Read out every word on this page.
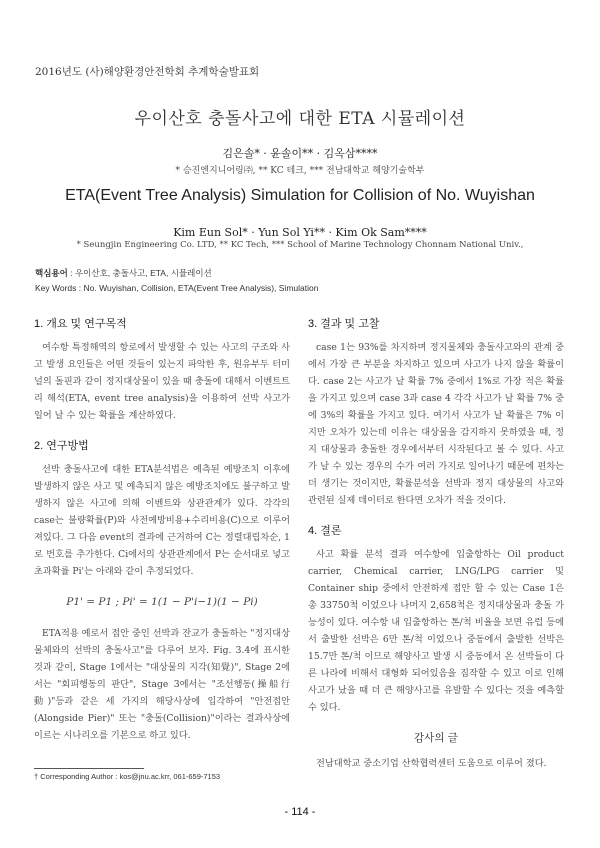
2016년도 (사)해양환경안전학회 추계학술발표회
우이산호 충돌사고에 대한 ETA 시뮬레이션
김은솔* · 윤솔이** · 김옥삼****
* 승진엔지니어링㈜, ** KC 테크, *** 전남대학교 해양기술학부
ETA(Event Tree Analysis) Simulation for Collision of No. Wuyishan
Kim Eun Sol* · Yun Sol Yi** · Kim Ok Sam****
* Seungjin Engineering Co. LTD, ** KC Tech, *** School of Marine Technology Chonnam National Univ.,
핵심용어 : 우이산호, 충돌사고, ETA, 시뮬레이션
Key Words : No. Wuyishan, Collision, ETA(Event Tree Analysis), Simulation
1. 개요 및 연구목적

여수항 특정해역의 항로에서 발생할 수 있는 사고의 구조와 사고 발생 요인들은 어떤 것들이 있는지 파악한 후, 원유부두 터미널의 돌핀과 같이 정지대상물이 있을 때 충돌에 대해서 이벤트트리 해석(ETA, event tree analysis)을 이용하여 선박 사고가 일어 날 수 있는 확률을 계산하였다.

2. 연구방법

선박 충돌사고에 대한 ETA분석법은 예측된 예방조치 이후에 발생하지 않은 사고 및 예측되지 않은 예방조치에도 불구하고 발생하지 않은 사고에 의해 이벤트와 상관관계가 있다. 각각의 case는 불량확률(P)와 사전예방비용+수리비용(C)으로 이루어져있다. 그 다음 event의 결과에 근거하여 C는 정렬대립차순, 1로 번호를 추가한다. Ci에서의 상관관계에서 P는 순서대로 넣고 초과확률 Pi'는 아래와 같이 추정되었다.

P1' = P1 ; Pi' = 1(1 − P'i−1)(1 − Pi)

ETA적용 예로서 접안 중인 선박과 잔교가 충돌하는 "정지대상물체와의 선박의 충돌사고"를 다루어 보자. Fig. 3.4에 표시한 것과 같이, Stage 1에서는 "대상물의 지각(知覺)", Stage 2에서는 "회피행동의 판단", Stage 3에서는 "조선행동(操船行動)"등과 같은 세 가지의 해당사상에 입각하여 "안전접안(Alongside Pier)" 또는 "충돌(Collision)"이라는 결과사상에 이르는 시나리오를 기본으로 하고 있다.

3. 결과 및 고찰

case 1는 93%를 차지하며 정지물체와 충돌사고와의 관계 중에서 가장 큰 부분을 차지하고 있으며 사고가 나지 않을 확률이다. case 2는 사고가 날 확률 7% 중에서 1%로 가장 적은 확률을 가지고 있으며 case 3과 case 4 각각 사고가 날 확률 7% 중에 3%의 확률을 가지고 있다. 여기서 사고가 날 확률은 7% 이지만 오차가 있는데 이유는 대상물을 감지하지 못하였을 때, 정지 대상물과 충돌한 경우에서부터 시작된다고 볼 수 있다. 사고가 날 수 있는 경우의 수가 여러 가지로 일어나기 때문에 편차는 더 생기는 것이지만, 확률분석을 선박과 정지 대상물의 사고와 관련된 실제 데이터로 한다면 오차가 적을 것이다.

4. 결론

사고 확률 분석 결과 여수항에 입출항하는 Oil product carrier, Chemical carrier, LNG/LPG carrier 및 Container ship 중에서 안전하게 접안 할 수 있는 Case 1은 총 33750척 이었으나 나머지 2,658척은 정지대상물과 충돌 가능성이 있다. 여수항 내 입출항하는 톤/척 비율을 보면 유럽 등에서 출발한 선박은 6만 톤/척 이었으나 중동에서 출발한 선박은 15.7만 톤/척 이므로 해양사고 발생 시 중동에서 온 선박들이 다른 나라에 비해서 대형화 되어있음을 짐작할 수 있고 이로 인해 사고가 났을 때 더 큰 해양사고를 유발할 수 있다는 것을 예측할 수 있다.

감사의 글

전남대학교 중소기업 산학협력센터 도움으로 이루어 졌다.

† Corresponding Author : kos@jnu.ac.krr, 061-659-7153
- 114 -
